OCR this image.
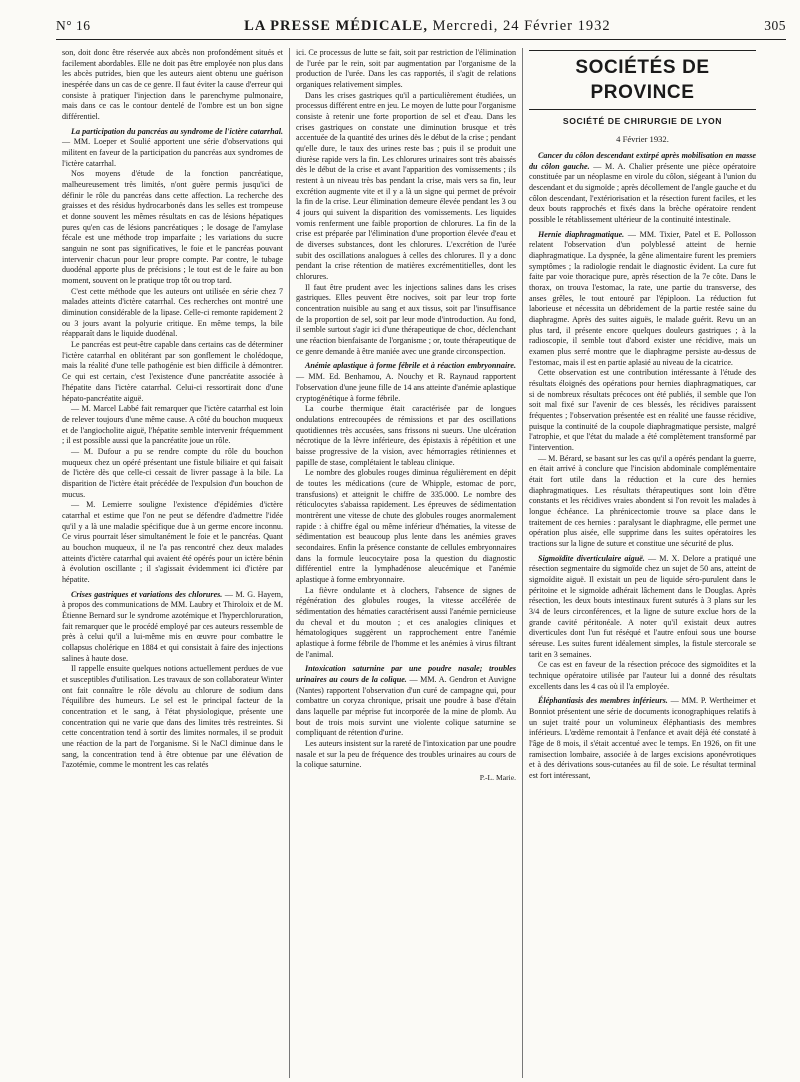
N° 16	LA PRESSE MÉDICALE, Mercredi, 24 Février 1932	305

son, doit donc être réservée aux abcès non profondément situés et facilement abordables. Elle ne doit pas être employée non plus dans les abcès putrides, bien que les auteurs aient obtenu une guérison inespérée dans un cas de ce genre. Il faut éviter la cause d'erreur qui consiste à pratiquer l'injection dans le parenchyme pulmonaire, mais dans ce cas le contour dentelé de l'ombre est un bon signe différentiel.

La participation du pancréas au syndrome de l'ictère catarrhal. — MM. Loeper et Soulié apportent une série d'observations qui militent en faveur de la participation du pancréas aux syndromes de l'ictère catarrhal.

Nos moyens d'étude de la fonction pancréatique, malheureusement très limités, n'ont guère permis jusqu'ici de définir le rôle du pancréas dans cette affection. La recherche des graisses et des résidus hydrocarbonés dans les selles est trompeuse et donne souvent les mêmes résultats en cas de lésions hépatiques pures qu'en cas de lésions pancréatiques ; le dosage de l'amylase fécale est une méthode trop imparfaite ; les variations du sucre sanguin ne sont pas significatives, le foie et le pancréas pouvant intervenir chacun pour leur propre compte. Par contre, le tubage duodénal apporte plus de précisions ; le tout est de le faire au bon moment, souvent on le pratique trop tôt ou trop tard.

C'est cette méthode que les auteurs ont utilisée en série chez 7 malades atteints d'ictère catarrhal. Ces recherches ont montré une diminution considérable de la lipase. Celle-ci remonte rapidement 2 ou 3 jours avant la polyurie critique. En même temps, la bile réapparaît dans le liquide duodénal.

Le pancréas est peut-être capable dans certains cas de déterminer l'ictère catarrhal en oblitérant par son gonflement le cholédoque, mais la réalité d'une telle pathogénie est bien difficile à démontrer. Ce qui est certain, c'est l'existence d'une pancréatite associée à l'hépatite dans l'ictère catarrhal. Celui-ci ressortirait donc d'une hépato-pancréatite aiguë.

— M. Marcel Labbé fait remarquer que l'ictère catarrhal est loin de relever toujours d'une même cause. A côté du bouchon muqueux et de l'angiocholite aiguë, l'hépatite semble intervenir fréquemment ; il est possible aussi que la pancréatite joue un rôle.

— M. Dufour a pu se rendre compte du rôle du bouchon muqueux chez un opéré présentant une fistule biliaire et qui faisait de l'ictère dès que celle-ci cessait de livrer passage à la bile. La disparition de l'ictère était précédée de l'expulsion d'un bouchon de mucus.

— M. Lemierre souligne l'existence d'épidémies d'ictère catarrhal et estime que l'on ne peut se défendre d'admettre l'idée qu'il y a là une maladie spécifique due à un germe encore inconnu. Ce virus pourrait léser simultanément le foie et le pancréas. Quant au bouchon muqueux, il ne l'a pas rencontré chez deux malades atteints d'ictère catarrhal qui avaient été opérés pour un ictère bénin à évolution oscillante ; il s'agissait évidemment ici d'ictère par hépatite.

Crises gastriques et variations des chlorures. — M. G. Hayem, à propos des communications de MM. Laubry et Thiroloix et de M. Étienne Bernard sur le syndrome azotémique et l'hyperchloruration, fait remarquer que le procédé employé par ces auteurs ressemble de près à celui qu'il a lui-même mis en œuvre pour combattre le collapsus cholérique en 1884 et qui consistait à faire des injections salines à haute dose.

Il rappelle ensuite quelques notions actuellement perdues de vue et susceptibles d'utilisation. Les travaux de son collaborateur Winter ont fait connaître le rôle dévolu au chlorure de sodium dans l'équilibre des humeurs. Le sel est le principal facteur de la concentration et le sang, à l'état physiologique, présente une concentration qui ne varie que dans des limites très restreintes. Si cette concentration tend à sortir des limites normales, il se produit une réaction de la part de l'organisme. Si le NaCl diminue dans le sang, la concentration tend à être obtenue par une élévation de l'azotémie, comme le montrent les cas relatés

ici. Ce processus de lutte se fait, soit par restriction de l'élimination de l'urée par le rein, soit par augmentation par l'organisme de la production de l'urée. Dans les cas rapportés, il s'agit de relations organiques relativement simples.

Dans les crises gastriques qu'il a particulièrement étudiées, un processus différent entre en jeu. Le moyen de lutte pour l'organisme consiste à retenir une forte proportion de sel et d'eau. Dans les crises gastriques on constate une diminution brusque et très accentuée de la quantité des urines dès le début de la crise ; pendant qu'elle dure, le taux des urines reste bas ; puis il se produit une diurèse rapide vers la fin. Les chlorures urinaires sont très abaissés dès le début de la crise et avant l'apparition des vomissements ; ils restent à un niveau très bas pendant la crise, mais vers sa fin, leur excrétion augmente vite et il y a là un signe qui permet de prévoir la fin de la crise. Leur élimination demeure élevée pendant les 3 ou 4 jours qui suivent la disparition des vomissements. Les liquides vomis renferment une faible proportion de chlorures. La fin de la crise est préparée par l'élimination d'une proportion élevée d'eau et de diverses substances, dont les chlorures. L'excrétion de l'urée subit des oscillations analogues à celles des chlorures. Il y a donc pendant la crise rétention de matières excrémentitielles, dont les chlorures.

Il faut être prudent avec les injections salines dans les crises gastriques. Elles peuvent être nocives, soit par leur trop forte concentration nuisible au sang et aux tissus, soit par l'insuffisance de la proportion de sel, soit par leur mode d'introduction. Au fond, il semble surtout s'agir ici d'une thérapeutique de choc, déclenchant une réaction bienfaisante de l'organisme ; or, toute thérapeutique de ce genre demande à être maniée avec une grande circonspection.

Anémie aplastique à forme fébrile et à réaction embryonnaire. — MM. Ed. Benhamou, A. Nouchy et R. Raynaud rapportent l'observation d'une jeune fille de 14 ans atteinte d'anémie aplastique cryptogénétique à forme fébrile.

La courbe thermique était caractérisée par de longues ondulations entrecoupées de rémissions et par des oscillations quotidiennes très accusées, sans frissons ni sueurs. Une ulcération nécrotique de la lèvre inférieure, des épistaxis à répétition et une baisse progressive de la vision, avec hémorragies rétiniennes et papille de stase, complétaient le tableau clinique.

Le nombre des globules rouges diminua régulièrement en dépit de toutes les médications (cure de Whipple, estomac de porc, transfusions) et atteignit le chiffre de 335.000. Le nombre des réticulocytes s'abaissa rapidement. Les épreuves de sédimentation montrèrent une vitesse de chute des globules rouges anormalement rapide : à chiffre égal ou même inférieur d'hématies, la vitesse de sédimentation est beaucoup plus lente dans les anémies graves secondaires. Enfin la présence constante de cellules embryonnaires dans la formule leucocytaire posa la question du diagnostic différentiel entre la lymphadénose aleucémique et l'anémie aplastique à forme embryonnaire.

La fièvre ondulante et à clochers, l'absence de signes de régénération des globules rouges, la vitesse accélérée de sédimentation des hématies caractérisent aussi l'anémie pernicieuse du cheval et du mouton ; et ces analogies cliniques et hématologiques suggèrent un rapprochement entre l'anémie aplastique à forme fébrile de l'homme et les anémies à virus filtrant de l'animal.

Intoxication saturnine par une poudre nasale; troubles urinaires au cours de la colique. — MM. A. Gendron et Auvigne (Nantes) rapportent l'observation d'un curé de campagne qui, pour combattre un coryza chronique, prisait une poudre à base d'étain dans laquelle par méprise fut incorporée de la mine de plomb. Au bout de trois mois survint une violente colique saturnine se compliquant de rétention d'urine.

Les auteurs insistent sur la rareté de l'intoxication par une poudre nasale et sur la peu de fréquence des troubles urinaires au cours de la colique saturnine.

P.-L. Marie.
SOCIÉTÉS DE PROVINCE
SOCIÉTÉ DE CHIRURGIE DE LYON
4 Février 1932.

Cancer du côlon descendant extirpé après mobilisation en masse du côlon gauche. — M. A. Chalier présente une pièce opératoire constituée par un néoplasme en virole du côlon, siégeant à l'union du descendant et du sigmoïde ; après décollement de l'angle gauche et du côlon descendant, l'extériorisation et la résection furent faciles, et les deux bouts rapprochés et fixés dans la brèche opératoire rendent possible le rétablissement ultérieur de la continuité intestinale.

Hernie diaphragmatique. — MM. Tixier, Patel et E. Pollosson relatent l'observation d'un polyblessé atteint de hernie diaphragmatique. La dyspnée, la gêne alimentaire furent les premiers symptômes ; la radiologie rendait le diagnostic évident. La cure fut faite par voie thoracique pure, après résection de la 7e côte. Dans le thorax, on trouva l'estomac, la rate, une partie du transverse, des anses grêles, le tout entouré par l'épiploon. La réduction fut laborieuse et nécessita un débridement de la partie restée saine du diaphragme. Après des suites aiguës, le malade guérit. Revu un an plus tard, il présente encore quelques douleurs gastriques ; à la radioscopie, il semble tout d'abord exister une récidive, mais un examen plus serré montre que le diaphragme persiste au-dessus de l'estomac, mais il est en partie aplasié au niveau de la cicatrice.

Cette observation est une contribution intéressante à l'étude des résultats éloignés des opérations pour hernies diaphragmatiques, car si de nombreux résultats précoces ont été publiés, il semble que l'on soit mal fixé sur l'avenir de ces blessés, les récidives paraissent fréquentes ; l'observation présentée est en réalité une fausse récidive, puisque la continuité de la coupole diaphragmatique persiste, malgré l'atrophie, et que l'état du malade a été complètement transformé par l'intervention.

— M. Bérard, se basant sur les cas qu'il a opérés pendant la guerre, en était arrivé à conclure que l'incision abdominale complémentaire était fort utile dans la réduction et la cure des hernies diaphragmatiques. Les résultats thérapeutiques sont loin d'être constants et les récidives vraies abondent si l'on revoit les malades à longue échéance. La phrénicectomie trouve sa place dans le traitement de ces hernies : paralysant le diaphragme, elle permet une opération plus aisée, elle supprime dans les suites opératoires les tractions sur la ligne de suture et constitue une sécurité de plus.

Sigmoïdite diverticulaire aiguë. — M. X. Delore a pratiqué une résection segmentaire du sigmoïde chez un sujet de 50 ans, atteint de sigmoïdite aiguë. Il existait un peu de liquide séro-purulent dans le péritoine et le sigmoïde adhérait lâchement dans le Douglas. Après résection, les deux bouts intestinaux furent suturés à 3 plans sur les 3/4 de leurs circonférences, et la ligne de suture exclue hors de la grande cavité péritonéale. A noter qu'il existait deux autres diverticules dont l'un fut réséqué et l'autre enfoui sous une bourse séreuse. Les suites furent idéalement simples, la fistule stercorale se tarit en 3 semaines.

Ce cas est en faveur de la résection précoce des sigmoïdites et la technique opératoire utilisée par l'auteur lui a donné des résultats excellents dans les 4 cas où il l'a employée.

Éléphantiasis des membres inférieurs. — MM. P. Wertheimer et Bonniot présentent une série de documents iconographiques relatifs à un sujet traité pour un volumineux éléphantiasis des membres inférieurs. L'œdème remontait à l'enfance et avait déjà été constaté à l'âge de 8 mois, il s'était accentué avec le temps. En 1926, on fit une ramisection lombaire, associée à de larges excisions aponévrotiques et à des dérivations sous-cutanées au fil de soie. Le résultat terminal est fort intéressant,
